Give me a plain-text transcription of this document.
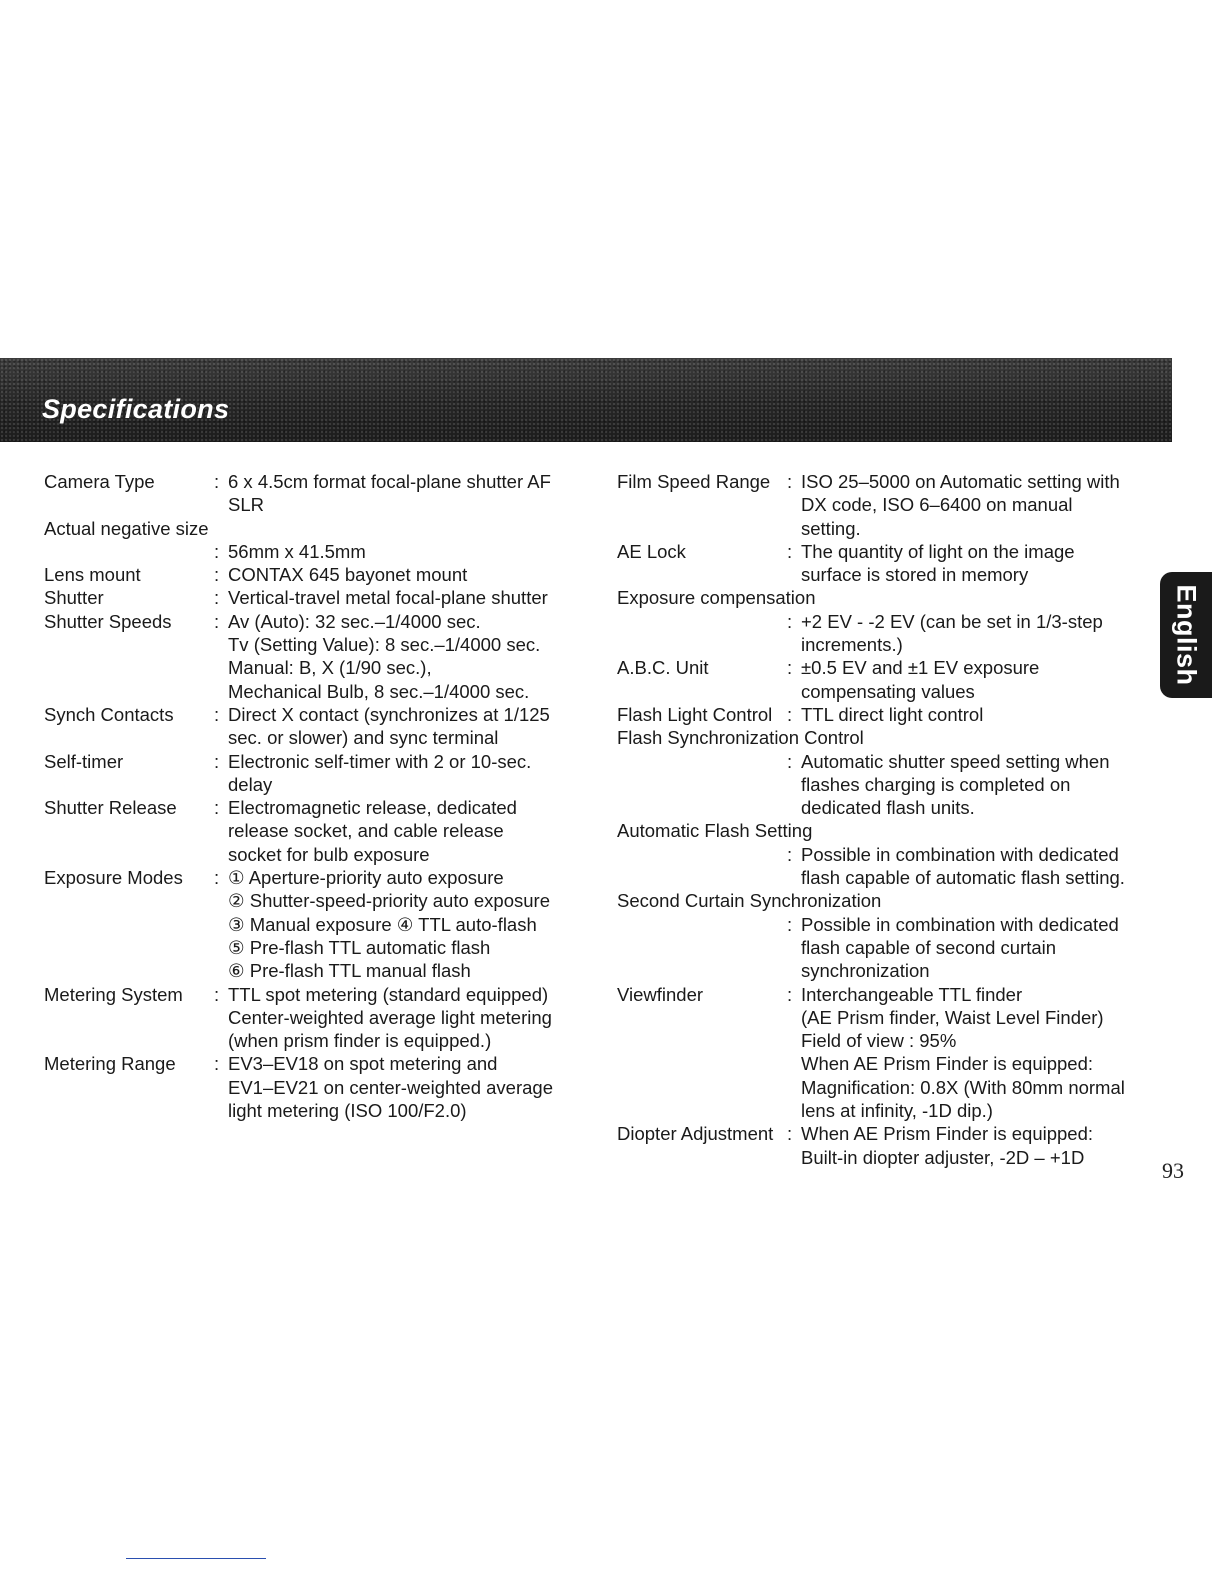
Specifications
Camera Type	: 6 x 4.5cm format focal-plane shutter AF
SLR
Actual negative size
: 56mm x 41.5mm
Lens mount	: CONTAX 645 bayonet mount
Shutter	: Vertical-travel metal focal-plane shutter
Shutter Speeds	: Av (Auto): 32 sec.–1/4000 sec.
Tv (Setting Value): 8 sec.–1/4000 sec.
Manual: B, X (1/90 sec.),
Mechanical Bulb, 8 sec.–1/4000 sec.
Synch Contacts	: Direct X contact (synchronizes at 1/125
sec. or slower) and sync terminal
Self-timer	: Electronic self-timer with 2 or 10-sec.
delay
Shutter Release	: Electromagnetic release, dedicated
release socket, and cable release
socket for bulb exposure
Exposure Modes	: ① Aperture-priority auto exposure
② Shutter-speed-priority auto exposure
③ Manual exposure ④ TTL auto-flash
⑤ Pre-flash TTL automatic flash
⑥ Pre-flash TTL manual flash
Metering System	: TTL spot metering (standard equipped)
Center-weighted average light metering
(when prism finder is equipped.)
Metering Range	: EV3–EV18 on spot metering and
EV1–EV21 on center-weighted average
light metering (ISO 100/F2.0)
Film Speed Range : ISO 25–5000 on Automatic setting with
DX code, ISO 6–6400 on manual
setting.
AE Lock	: The quantity of light on the image
surface is stored in memory
Exposure compensation
: +2 EV - -2 EV (can be set in 1/3-step
increments.)
A.B.C. Unit	: ±0.5 EV and ±1 EV exposure
compensating values
Flash Light Control : TTL direct light control
Flash Synchronization Control
: Automatic shutter speed setting when
flashes charging is completed on
dedicated flash units.
Automatic Flash Setting
: Possible in combination with dedicated
flash capable of automatic flash setting.
Second Curtain Synchronization
: Possible in combination with dedicated
flash capable of second curtain
synchronization
Viewfinder	: Interchangeable TTL finder
(AE Prism finder, Waist Level Finder)
Field of view : 95%
When AE Prism Finder is equipped:
Magnification: 0.8X (With 80mm normal
lens at infinity, -1D dip.)
Diopter Adjustment : When AE Prism Finder is equipped:
Built-in diopter adjuster, -2D – +1D
English
93
